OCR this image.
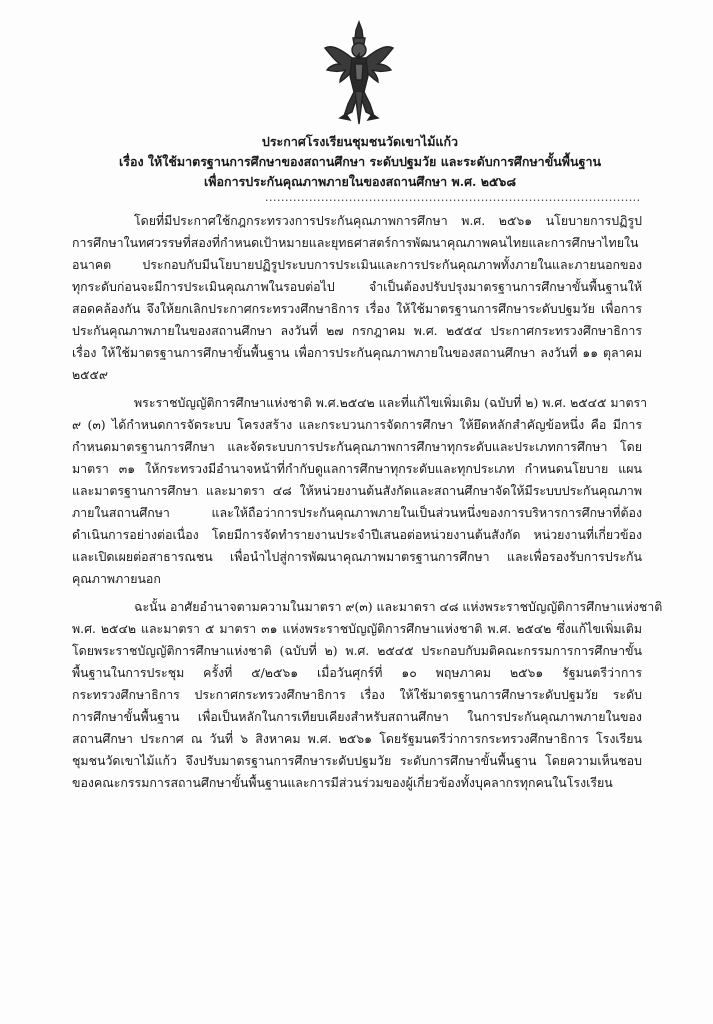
ประกาศโรงเรียนชุมชนวัดเขาไม้แก้ว
เรื่อง ให้ใช้มาตรฐานการศึกษาของสถานศึกษา ระดับปฐมวัย และระดับการศึกษาขั้นพื้นฐาน
เพื่อการประกันคุณภาพภายในของสถานศึกษา พ.ศ. ๒๕๖๘
..............................................................................................
โดยที่มีประกาศใช้กฎกระทรวงการประกันคุณภาพการศึกษา พ.ศ. ๒๕๖๑ นโยบายการปฏิรูป
การศึกษาในทศวรรษที่สองที่กำหนดเป้าหมายและยุทธศาสตร์การพัฒนาคุณภาพคนไทยและการศึกษาไทยใน
อนาคต ประกอบกับมีนโยบายปฏิรูประบบการประเมินและการประกันคุณภาพทั้งภายในและภายนอกของ
ทุกระดับก่อนจะมีการประเมินคุณภาพในรอบต่อไป จำเป็นต้องปรับปรุงมาตรฐานการศึกษาขั้นพื้นฐานให้
สอดคล้องกัน จึงให้ยกเลิกประกาศกระทรวงศึกษาธิการ เรื่อง ให้ใช้มาตรฐานการศึกษาระดับปฐมวัย เพื่อการ
ประกันคุณภาพภายในของสถานศึกษา ลงวันที่ ๒๗ กรกฎาคม พ.ศ. ๒๕๕๔ ประกาศกระทรวงศึกษาธิการ
เรื่อง ให้ใช้มาตรฐานการศึกษาขั้นพื้นฐาน เพื่อการประกันคุณภาพภายในของสถานศึกษา ลงวันที่ ๑๑ ตุลาคม
๒๕๕๙
พระราชบัญญัติการศึกษาแห่งชาติ พ.ศ.๒๕๔๒ และที่แก้ไขเพิ่มเติม (ฉบับที่ ๒) พ.ศ. ๒๕๔๕ มาตรา
๙ (๓) ได้กำหนดการจัดระบบ โครงสร้าง และกระบวนการจัดการศึกษา ให้ยึดหลักสำคัญข้อหนึ่ง คือ มีการ
กำหนดมาตรฐานการศึกษา และจัดระบบการประกันคุณภาพการศึกษาทุกระดับและประเภทการศึกษา โดย
มาตรา ๓๑ ให้กระทรวงมีอำนาจหน้าที่กำกับดูแลการศึกษาทุกระดับและทุกประเภท กำหนดนโยบาย แผน
และมาตรฐานการศึกษา และมาตรา ๔๘ ให้หน่วยงานต้นสังกัดและสถานศึกษาจัดให้มีระบบประกันคุณภาพ
ภายในสถานศึกษา และให้ถือว่าการประกันคุณภาพภายในเป็นส่วนหนึ่งของการบริหารการศึกษาที่ต้อง
ดำเนินการอย่างต่อเนื่อง โดยมีการจัดทำรายงานประจำปีเสนอต่อหน่วยงานต้นสังกัด หน่วยงานที่เกี่ยวข้อง
และเปิดเผยต่อสาธารณชน เพื่อนำไปสู่การพัฒนาคุณภาพมาตรฐานการศึกษา และเพื่อรองรับการประกัน
คุณภาพภายนอก
ฉะนั้น อาศัยอำนาจตามความในมาตรา ๙(๓) และมาตรา ๔๘ แห่งพระราชบัญญัติการศึกษาแห่งชาติ
พ.ศ. ๒๕๔๒ และมาตรา ๕ มาตรา ๓๑ แห่งพระราชบัญญัติการศึกษาแห่งชาติ พ.ศ. ๒๕๔๒ ซึ่งแก้ไขเพิ่มเติม
โดยพระราชบัญญัติการศึกษาแห่งชาติ (ฉบับที่ ๒) พ.ศ. ๒๕๔๕ ประกอบกับมติคณะกรรมการการศึกษาขั้น
พื้นฐานในการประชุม ครั้งที่ ๕/๒๕๖๑ เมื่อวันศุกร์ที่ ๑๐ พฤษภาคม ๒๕๖๑ รัฐมนตรีว่าการ
กระทรวงศึกษาธิการ ประกาศกระทรวงศึกษาธิการ เรื่อง ให้ใช้มาตรฐานการศึกษาระดับปฐมวัย ระดับ
การศึกษาขั้นพื้นฐาน เพื่อเป็นหลักในการเทียบเคียงสำหรับสถานศึกษา ในการประกันคุณภาพภายในของ
สถานศึกษา ประกาศ ณ วันที่ ๖ สิงหาคม พ.ศ. ๒๕๖๑ โดยรัฐมนตรีว่าการกระทรวงศึกษาธิการ โรงเรียน
ชุมชนวัดเขาไม้แก้ว จึงปรับมาตรฐานการศึกษาระดับปฐมวัย ระดับการศึกษาขั้นพื้นฐาน โดยความเห็นชอบ
ของคณะกรรมการสถานศึกษาขั้นพื้นฐานและการมีส่วนร่วมของผู้เกี่ยวข้องทั้งบุคลากรทุกคนในโรงเรียน
